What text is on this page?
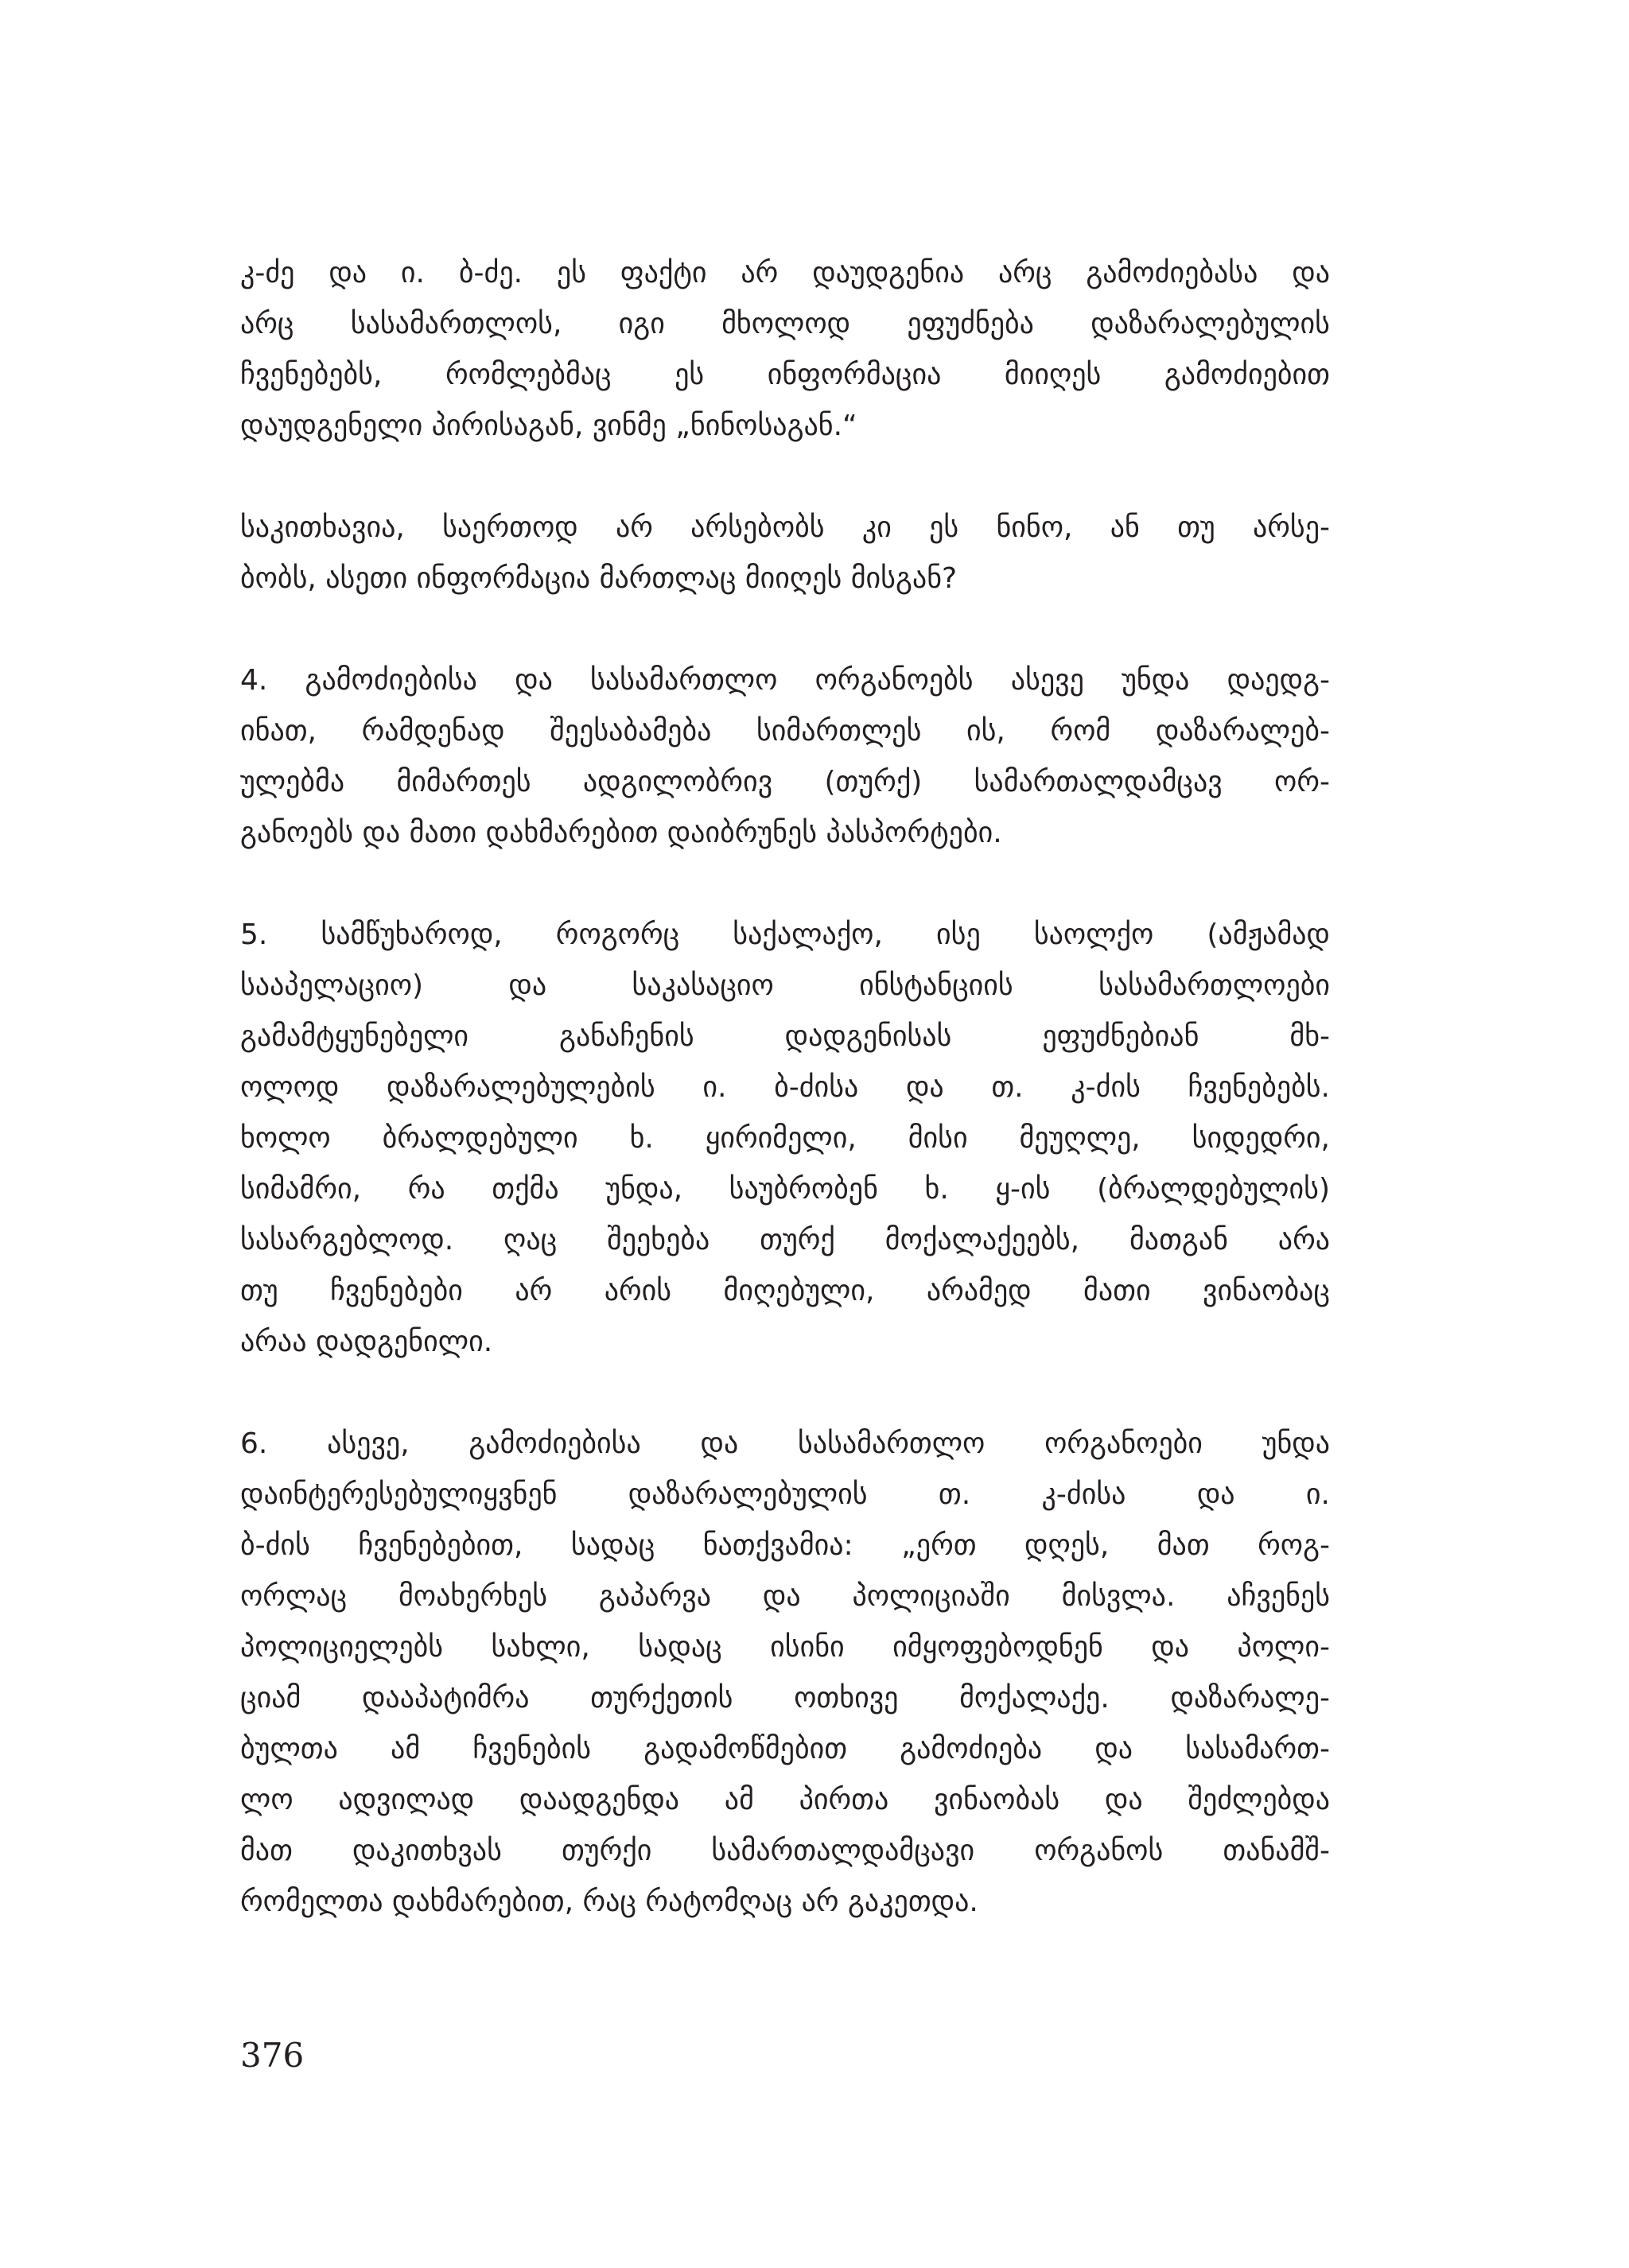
კ-ძე და ი. ბ-ძე. ეს ფაქტი არ დაუდგენია არც გამოძიებასა და
არც სასამართლოს, იგი მხოლოდ ეფუძნება დაზარალებულის
ჩვენებებს, რომლებმაც ეს ინფორმაცია მიიღეს გამოძიებით
დაუდგენელი პირისაგან, ვინმე „ნინოსაგან.“

საკითხავია, საერთოდ არ არსებობს კი ეს ნინო, ან თუ არსე-
ბობს, ასეთი ინფორმაცია მართლაც მიიღეს მისგან?

4. გამოძიებისა და სასამართლო ორგანოებს ასევე უნდა დაედგ-
ინათ, რამდენად შეესაბამება სიმართლეს ის, რომ დაზარალებ-
ულებმა მიმართეს ადგილობრივ (თურქ) სამართალდამცავ ორ-
განოებს და მათი დახმარებით დაიბრუნეს პასპორტები.

5. სამწუხაროდ, როგორც საქალაქო, ისე საოლქო (ამჟამად
სააპელაციო) და საკასაციო ინსტანციის სასამართლოები
გამამტყუნებელი განაჩენის დადგენისას ეფუძნებიან მხ-
ოლოდ დაზარალებულების ი. ბ-ძისა და თ. კ-ძის ჩვენებებს.
ხოლო ბრალდებული ხ. ყირიმელი, მისი მეუღლე, სიდედრი,
სიმამრი, რა თქმა უნდა, საუბრობენ ხ. ყ-ის (ბრალდებულის)
სასარგებლოდ. ღაც შეეხება თურქ მოქალაქეებს, მათგან არა
თუ ჩვენებები არ არის მიღებული, არამედ მათი ვინაობაც
არაა დადგენილი.

6. ასევე, გამოძიებისა და სასამართლო ორგანოები უნდა
დაინტერესებულიყვნენ დაზარალებულის თ. კ-ძისა და ი.
ბ-ძის ჩვენებებით, სადაც ნათქვამია: „ერთ დღეს, მათ როგ-
ორლაც მოახერხეს გაპარვა და პოლიციაში მისვლა. აჩვენეს
პოლიციელებს სახლი, სადაც ისინი იმყოფებოდნენ და პოლი-
ციამ დააპატიმრა თურქეთის ოთხივე მოქალაქე. დაზარალე-
ბულთა ამ ჩვენების გადამოწმებით გამოძიება და სასამართ-
ლო ადვილად დაადგენდა ამ პირთა ვინაობას და შეძლებდა
მათ დაკითხვას თურქი სამართალდამცავი ორგანოს თანამშ-
რომელთა დახმარებით, რაც რატომღაც არ გაკეთდა.

376
